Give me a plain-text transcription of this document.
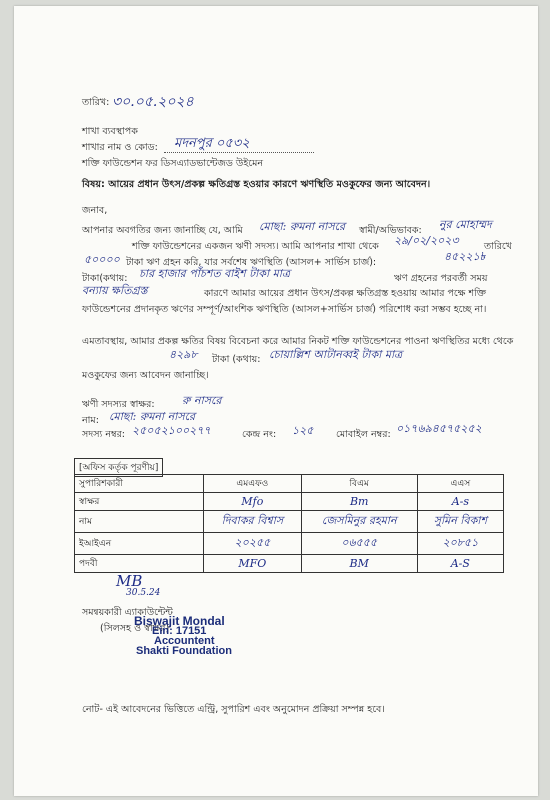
তারিখ: ৩০.০৫.২০২৪
শাখা ব্যবস্থাপক
শাখার নাম ও কোড: মদনপুর ০৫৩২
শক্তি ফাউন্ডেশন ফর ডিসএ্যাডভান্টেজড উইমেন
বিষয়: আয়ের প্রধান উৎস/প্রকল্প ক্ষতিগ্রস্ত হওয়ার কারণে ঋণস্থিতি মওকুফের জন্য আবেদন।
জনাব,
আপনার অবগতির জন্য জানাচ্ছি যে, আমি মোছা: রুমনা নাসরে স্বামী/অভিভাবক: নুর মোহাম্মদ
শক্তি ফাউন্ডেশনের একজন ঋণী সদস্য। আমি আপনার শাখা থেকে ২৯/০২/২০২৩	তারিখে
৫০০০০ টাকা ঋণ গ্রহন করি, যার সর্বশেষ ঋণস্থিতি (আসল+ সার্ভিস চার্জ):	৪৫২২১৳
টাকা(কথায়: চার হাজার পাঁচশত বাইশ টাকা মাত্র	ঋণ গ্রহনের পরবর্তী সময়
বন্যায় ক্ষতিগ্রস্ত	কারণে আমার আয়ের প্রধান উৎস/প্রকল্প ক্ষতিগ্রস্ত হওয়ায় আমার পক্ষে শক্তি ফাউন্ডেশনের প্রদানকৃত ঋণের সম্পূর্ণ/আংশিক ঋণস্থিতি (আসল+সার্ভিস চার্জ) পরিশোধ করা সম্ভব হচ্ছে না।
এমতাবস্থায়, আমার প্রকল্প ক্ষতির বিষয় বিবেচনা করে আমার নিকট শক্তি ফাউন্ডেশনের পাওনা ঋণস্থিতির মধ্যে থেকে
৪২৯৮ টাকা (কথায়: চোয়াল্লিশ আটানব্বই টাকা মাত্র
মওকুফের জন্য আবেদন জানাচ্ছি।
ঋণী সদস্যর স্বাক্ষর: রু নাসরে
নাম: মোছা: রুমনা নাসরে
সদস্য নম্বর: ২৫০৫২১০০২৭৭	কেন্দ্র নং: ১২৫ মোবাইল নম্বর: ০১৭৬৯৪৫৭৫২৫২
[অফিস কর্তৃক পূরণীয়]
সুপারিশকারী	এমএফও	বিএম	এএস
স্বাক্ষর	Mfo	Bm	A-s
নাম	দিবাকর বিশ্বাস	জেসমিনুর রহমান	সুমিন বিকাশ
ইআইএন	২০২৫৫	০৬৫৫৫	২০৮৫১
পদবী	MFO	BM	A-S
MB
30.5.24
সমন্বয়কারী এ্যাকাউন্টেন্ট
(সিলসহ ও স্বাক্ষর)
Biswajit Mondal
Ein: 17151
Accountent
Shakti Foundation
নোট- এই আবেদনের ভিত্তিতে এন্ট্রি, সুপারিশ এবং অনুমোদন প্রক্রিয়া সম্পন্ন হবে।
